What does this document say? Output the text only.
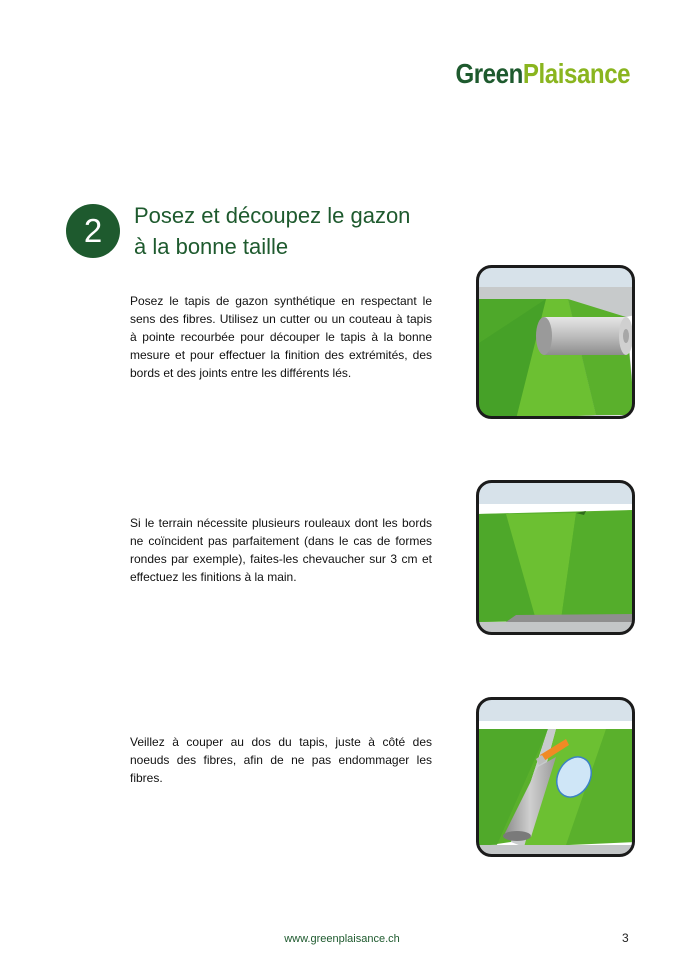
GreenPlaisance
2	Posez et découpez le gazon
à la bonne taille

Posez le tapis de gazon synthétique en respectant le sens des fibres. Utilisez un cutter ou un couteau à tapis à pointe recourbée pour découper le tapis à la bonne mesure et pour effectuer la finition des extrémités, des bords et des joints entre les différents lés.

Si le terrain nécessite plusieurs rouleaux dont les bords ne coïncident pas parfaitement (dans le cas de formes rondes par exemple), faites-les chevaucher sur 3 cm et effectuez les finitions à la main.

Veillez à couper au dos du tapis, juste à côté des noeuds des fibres, afin de ne pas endommager les fibres.

www.greenplaisance.ch	3
